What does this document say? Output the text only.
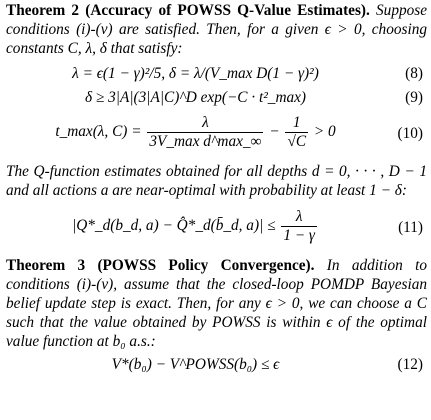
Theorem 2 (Accuracy of POWSS Q-Value Estimates). Suppose conditions (i)-(v) are satisfied. Then, for a given ϵ > 0, choosing constants C, λ, δ that satisfy:

λ = ϵ(1 − γ)²/5, δ = λ/(V_max D(1 − γ)²)	(8)
δ ≥ 3|A|(3|A|C)^D exp(−C · t²_max)	(9)
t_max(λ, $C) = \frac{\lambda}{\text{3V\_max d\textasciicircum{}max\_∞}} - \frac{1}{√C} > 0$	(10)

The Q-function estimates obtained for all depths d = 0, · · · , D − 1 and all actions a are near-optimal with probability at least 1 − δ:

|Q*_d(b_d, a) − Q̂*_d(b̄_d, $a)| \le \frac{\lambda}{1 - \gamma}$	(11)

Theorem 3 (POWSS Policy Convergence). In addition to conditions (i)-(v), assume that the closed-loop POMDP Bayesian belief update step is exact. Then, for any ϵ > 0, we can choose a C such that the value obtained by POWSS is within ϵ of the optimal value function at b₀ a.s.:

V*(b₀) − V^POWSS(b₀) ≤ ϵ	(12)
